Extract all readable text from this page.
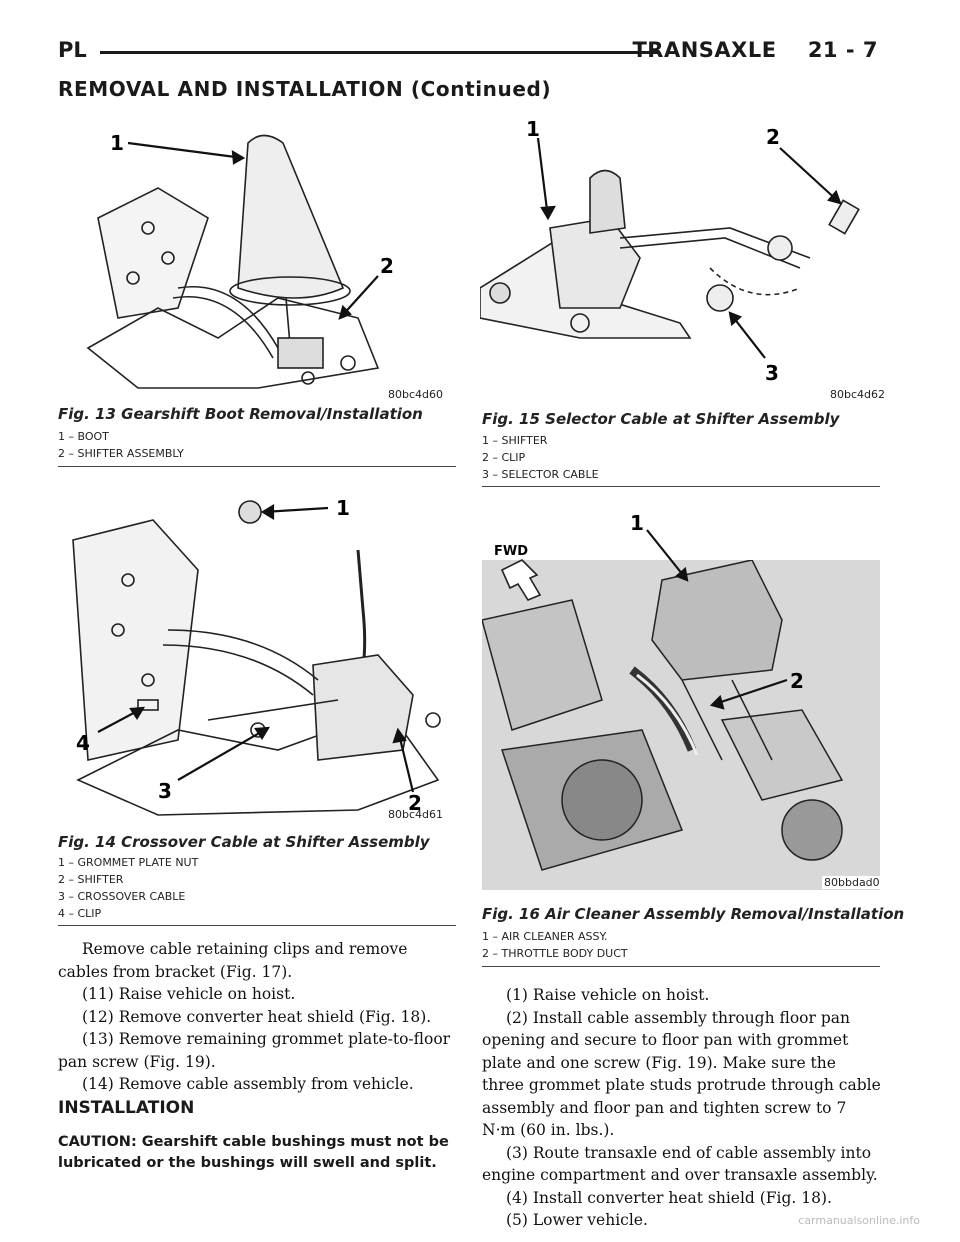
PL	TRANSAXLE    21 - 7
REMOVAL AND INSTALLATION (Continued)
1
2
80bc4d60
Fig. 13 Gearshift Boot Removal/Installation
1 – BOOT
2 – SHIFTER ASSEMBLY
1
2
3
4
80bc4d61
Fig. 14 Crossover Cable at Shifter Assembly
1 – GROMMET PLATE NUT
2 – SHIFTER
3 – CROSSOVER CABLE
4 – CLIP
1	2
3
80bc4d62
Fig. 15 Selector Cable at Shifter Assembly
1 – SHIFTER
2 – CLIP
3 – SELECTOR CABLE
1
2
FWD
80bbdad0
Fig. 16 Air Cleaner Assembly Removal/Installation
1 – AIR CLEANER ASSY.
2 – THROTTLE BODY DUCT

Remove cable retaining clips and remove cables from bracket (Fig. 17).

(11) Raise vehicle on hoist.

(12) Remove converter heat shield (Fig. 18).

(13) Remove remaining grommet plate-to-floor pan screw (Fig. 19).

(14) Remove cable assembly from vehicle.

INSTALLATION
CAUTION: Gearshift cable bushings must not be lubricated or the bushings will swell and split.

(1) Raise vehicle on hoist.

(2) Install cable assembly through floor pan opening and secure to floor pan with grommet plate and one screw (Fig. 19). Make sure the three grommet plate studs protrude through cable assembly and floor pan and tighten screw to 7 N·m (60 in. lbs.).

(3) Route transaxle end of cable assembly into engine compartment and over transaxle assembly.

(4) Install converter heat shield (Fig. 18).

(5) Lower vehicle.	carmanualsonline.info
